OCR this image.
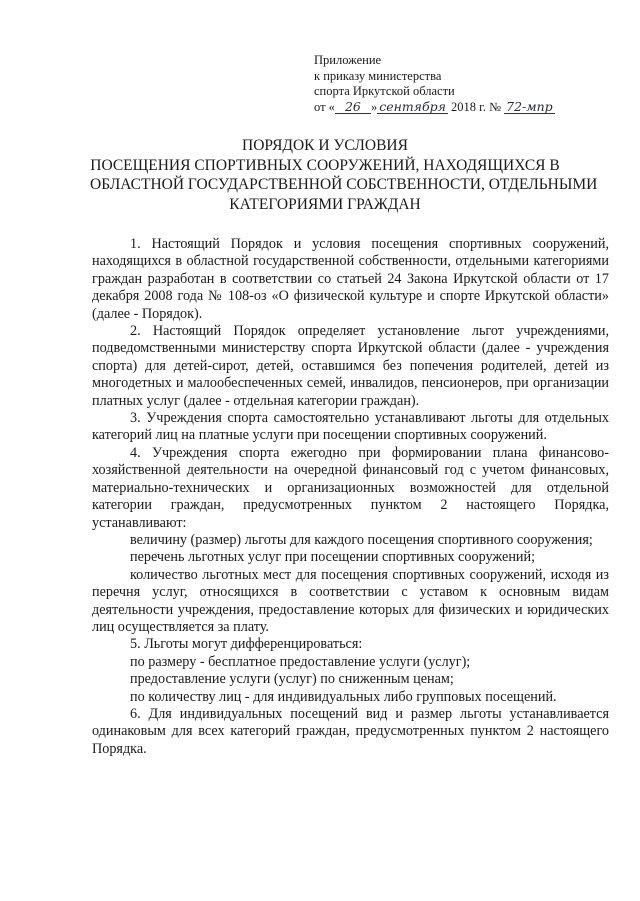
Приложение
к приказу министерства
спорта Иркутской области
от « 26 » сентября 2018 г. № 72-мпр
ПОРЯДОК И УСЛОВИЯ
ПОСЕЩЕНИЯ СПОРТИВНЫХ СООРУЖЕНИЙ, НАХОДЯЩИХСЯ В
ОБЛАСТНОЙ ГОСУДАРСТВЕННОЙ СОБСТВЕННОСТИ, ОТДЕЛЬНЫМИ
КАТЕГОРИЯМИ ГРАЖДАН

1. Настоящий Порядок и условия посещения спортивных сооружений, находящихся в областной государственной собственности, отдельными категориями граждан разработан в соответствии со статьей 24 Закона Иркутской области от 17 декабря 2008 года № 108-оз «О физической культуре и спорте Иркутской области» (далее - Порядок).

2. Настоящий Порядок определяет установление льгот учреждениями, подведомственными министерству спорта Иркутской области (далее - учреждения спорта) для детей-сирот, детей, оставшимся без попечения родителей, детей из многодетных и малообеспеченных семей, инвалидов, пенсионеров, при организации платных услуг (далее - отдельная категории граждан).

3. Учреждения спорта самостоятельно устанавливают льготы для отдельных категорий лиц на платные услуги при посещении спортивных сооружений.

4. Учреждения спорта ежегодно при формировании плана финансово-хозяйственной деятельности на очередной финансовый год с учетом финансовых, материально-технических и организационных возможностей для отдельной категории граждан, предусмотренных пунктом 2 настоящего Порядка, устанавливают:

величину (размер) льготы для каждого посещения спортивного сооружения;

перечень льготных услуг при посещении спортивных сооружений;

количество льготных мест для посещения спортивных сооружений, исходя из перечня услуг, относящихся в соответствии с уставом к основным видам деятельности учреждения, предоставление которых для физических и юридических лиц осуществляется за плату.

5. Льготы могут дифференцироваться:

по размеру - бесплатное предоставление услуги (услуг);

предоставление услуги (услуг) по сниженным ценам;

по количеству лиц - для индивидуальных либо групповых посещений.

6. Для индивидуальных посещений вид и размер льготы устанавливается одинаковым для всех категорий граждан, предусмотренных пунктом 2 настоящего Порядка.
